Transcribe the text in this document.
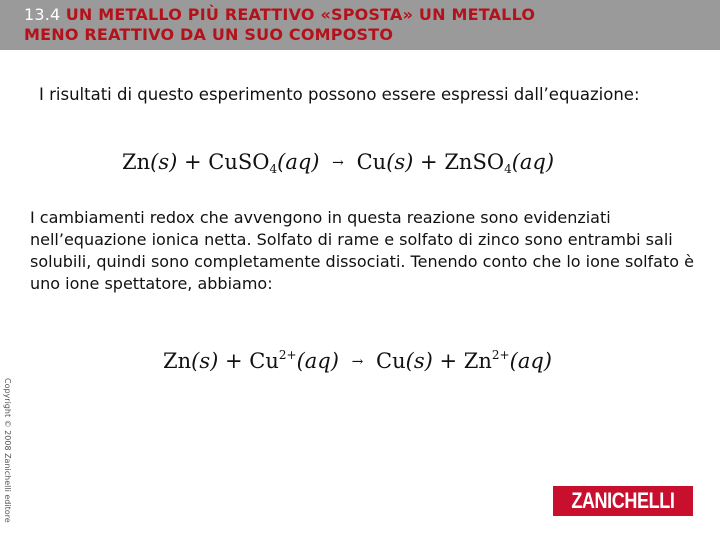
13.4 UN METALLO PIÙ REATTIVO «SPOSTA» UN METALLO
MENO REATTIVO DA UN SUO COMPOSTO
I risultati di questo esperimento possono essere espressi dall’equazione:
Zn(s) + CuSO$_4$(aq) → Cu(s) + ZnSO$_4$(aq)
I cambiamenti redox che avvengono in questa reazione sono evidenziati nell’equazione ionica netta. Solfato di rame e solfato di zinco sono entrambi sali solubili, quindi sono completamente dissociati. Tenendo conto che lo ione solfato è uno ione spettatore, abbiamo:
$Zn(s) + Cu^{2+}(aq) \to Cu(s) + Zn^{2+}(aq)$
Copyright © 2008 Zanichelli editore	ZANICHELLI
